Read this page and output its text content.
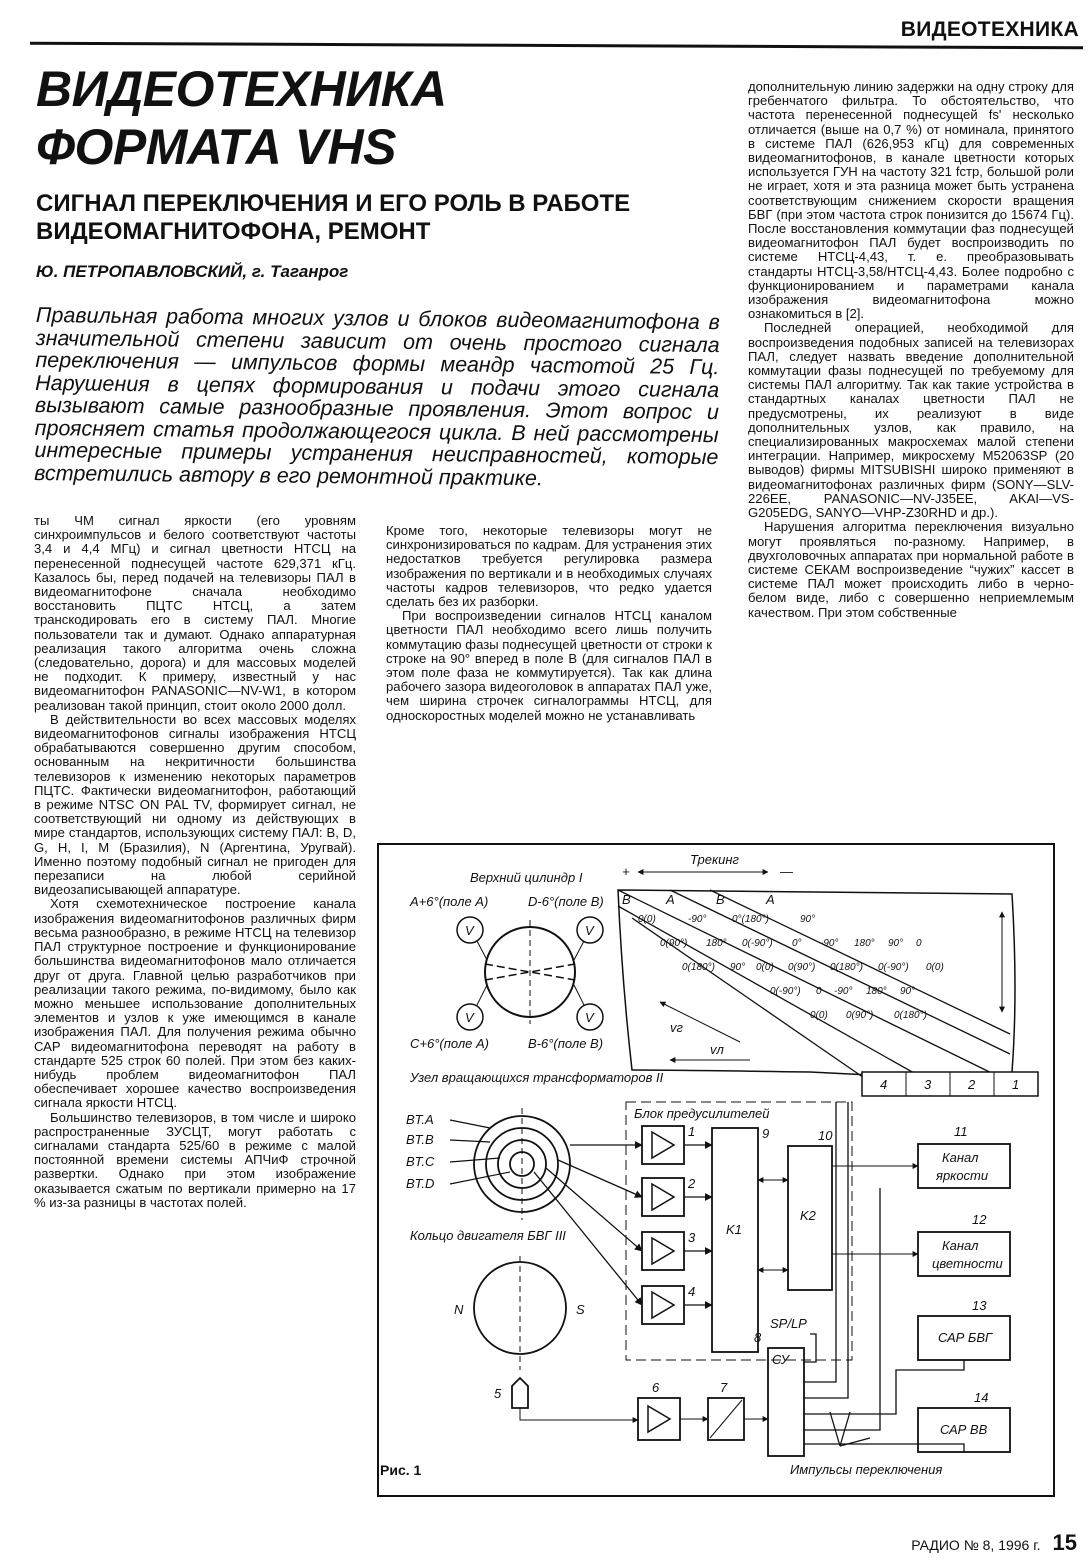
ВИДЕОТЕХНИКА
ВИДЕОТЕХНИКА
ФОРМАТА VHS
СИГНАЛ ПЕРЕКЛЮЧЕНИЯ И ЕГО РОЛЬ В РАБОТЕ ВИДЕОМАГНИТОФОНА, РЕМОНТ
Ю. ПЕТРОПАВЛОВСКИЙ, г. Таганрог
Правильная работа многих узлов и блоков видеомагнитофона в значительной степени зависит от очень простого сигнала переключения — импульсов формы меандр частотой 25 Гц. Нарушения в цепях формирования и подачи этого сигнала вызывают самые разнообразные проявления. Этот вопрос и проясняет статья продолжающегося цикла. В ней рассмотрены интересные примеры устранения неисправностей, которые встретились автору в его ремонтной практике.

ты ЧМ сигнал яркости (его уровням синхроимпульсов и белого соответствуют частоты 3,4 и 4,4 МГц) и сигнал цветности НТСЦ на перенесенной поднесущей частоте 629,371 кГц. Казалось бы, перед подачей на телевизоры ПАЛ в видеомагнитофоне сначала необходимо восстановить ПЦТС НТСЦ, а затем транскодировать его в систему ПАЛ. Многие пользователи так и думают. Однако аппаратурная реализация такого алгоритма очень сложна (следовательно, дорога) и для массовых моделей не подходит. К примеру, известный у нас видеомагнитофон PANASONIC—NV-W1, в котором реализован такой принцип, стоит около 2000 долл.

В действительности во всех массовых моделях видеомагнитофонов сигналы изображения НТСЦ обрабатываются совершенно другим способом, основанным на некритичности большинства телевизоров к изменению некоторых параметров ПЦТС. Фактически видеомагнитофон, работающий в режиме NTSC ON PAL TV, формирует сигнал, не соответствующий ни одному из действующих в мире стандартов, использующих систему ПАЛ: B, D, G, H, I, M (Бразилия), N (Аргентина, Уругвай). Именно поэтому подобный сигнал не пригоден для перезаписи на любой серийной видеозаписывающей аппаратуре.

Хотя схемотехническое построение канала изображения видеомагнитофонов различных фирм весьма разнообразно, в режиме НТСЦ на телевизор ПАЛ структурное построение и функционирование большинства видеомагнитофонов мало отличается друг от друга. Главной целью разработчиков при реализации такого режима, по-видимому, было как можно меньшее использование дополнительных элементов и узлов к уже имеющимся в канале изображения ПАЛ. Для получения режима обычно САР видеомагнитофона переводят на работу в стандарте 525 строк 60 полей. При этом без каких-нибудь проблем видеомагнитофон ПАЛ обеспечивает хорошее качество воспроизведения сигнала яркости НТСЦ.

Большинство телевизоров, в том числе и широко распространенные ЗУСЦТ, могут работать с сигналами стандарта 525/60 в режиме с малой постоянной времени системы АПЧиФ строчной развертки. Однако при этом изображение оказывается сжатым по вертикали примерно на 17 % из-за разницы в частотах полей.

Кроме того, некоторые телевизоры могут не синхронизироваться по кадрам. Для устранения этих недостатков требуется регулировка размера изображения по вертикали и в необходимых случаях частоты кадров телевизоров, что редко удается сделать без их разборки.

При воспроизведении сигналов НТСЦ каналом цветности ПАЛ необходимо всего лишь получить коммутацию фазы поднесущей цветности от строки к строке на 90° вперед в поле B (для сигналов ПАЛ в этом поле фаза не коммутируется). Так как длина рабочего зазора видеоголовок в аппаратах ПАЛ уже, чем ширина строчек сигналограммы НТСЦ, для односкоростных моделей можно не устанавливать

дополнительную линию задержки на одну строку для гребенчатого фильтра. То обстоятельство, что частота перенесенной поднесущей fs' несколько отличается (выше на 0,7 %) от номинала, принятого в системе ПАЛ (626,953 кГц) для современных видеомагнитофонов, в канале цветности которых используется ГУН на частоту 321 fстр, большой роли не играет, хотя и эта разница может быть устранена соответствующим снижением скорости вращения БВГ (при этом частота строк понизится до 15674 Гц). После восстановления коммутации фаз поднесущей видеомагнитофон ПАЛ будет воспроизводить по системе НТСЦ-4,43, т. е. преобразовывать стандарты НТСЦ-3,58/НТСЦ-4,43. Более подробно с функционированием и параметрами канала изображения видеомагнитофона можно ознакомиться в [2].

Последней операцией, необходимой для воспроизведения подобных записей на телевизорах ПАЛ, следует назвать введение дополнительной коммутации фазы поднесущей по требуемому для системы ПАЛ алгоритму. Так как такие устройства в стандартных каналах цветности ПАЛ не предусмотрены, их реализуют в виде дополнительных узлов, как правило, на специализированных макросхемах малой степени интеграции. Например, микросхему M52063SP (20 выводов) фирмы MITSUBISHI широко применяют в видеомагнитофонах различных фирм (SONY—SLV-226EE, PANASONIC—NV-J35EE, AKAI—VS-G205EDG, SANYO—VHP-Z30RHD и др.).

Нарушения алгоритма переключения визуально могут проявляться по-разному. Например, в двухголовочных аппаратах при нормальной работе в системе СЕКАМ воспроизведение “чужих” кассет в системе ПАЛ может происходить либо в черно-белом виде, либо с совершенно неприемлемым качеством. При этом собственные

Верхний цилиндр I
V	V
V	V
A+6°(поле A)	D-6°(поле B)
C+6°(поле A)	B-6°(поле B)
Трекинг
+	—
B	A	B	A
0(0)	-90°	0°(180°)	90°
0(90°) 180° 0(-90°) 0° -90° 180° 90° 0
0(180°) 90° 0(0) 0(90°) 0(180°) 0(-90°) 0(0)
0(-90°) 0 -90° 180° 90°
0(0) 0(90°) 0(180°)
vг
vл
4	3	2	1
Узел вращающихся трансформаторов II
BT.A
BT.B
BT.C
BT.D
Блок предусилителей
1
2
3
4
K1
9
K2
10
Канал
яркости
11
Канал
цветности
12
САР БВГ
13
САР ВВ
14
Кольцо двигателя БВГ III
N	S
5	6	7
СУ
8
SP/LP
Импульсы переключения
Рис. 1
РАДИО № 8, 1996 г. 15
